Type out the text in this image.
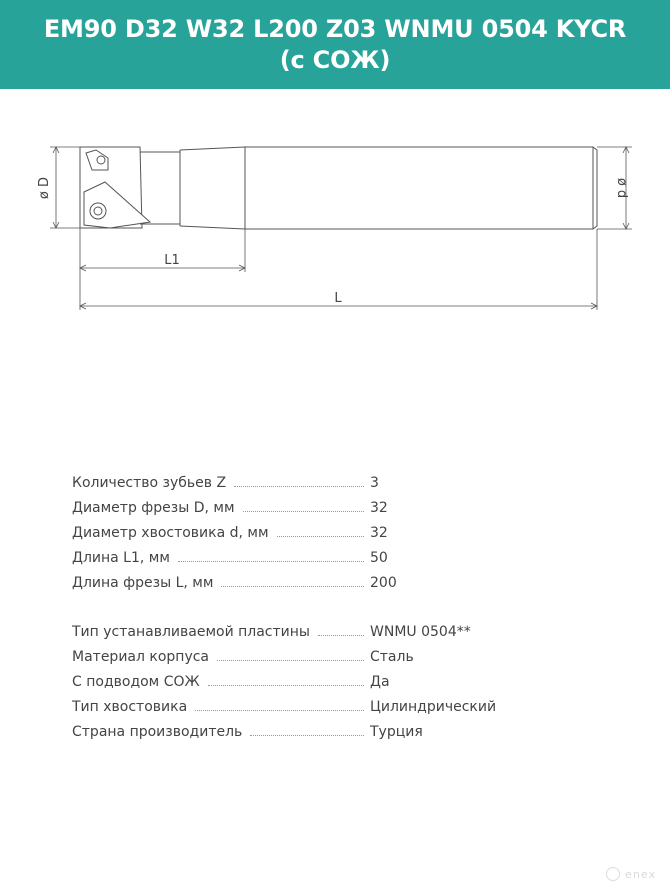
EM90 D32 W32 L200 Z03 WNMU 0504 KYCR
(с СОЖ)
ø D	ø d
L1
L
Количество зубьев Z	3
Диаметр фрезы D, мм	32
Диаметр хвостовика d, мм	32
Длина L1, мм	50
Длина фрезы L, мм	200
Тип устанавливаемой пластины	WNMU 0504**
Материал корпуса	Сталь
С подводом СОЖ	Да
Тип хвостовика	Цилиндрический
Страна производитель	Турция
enex
